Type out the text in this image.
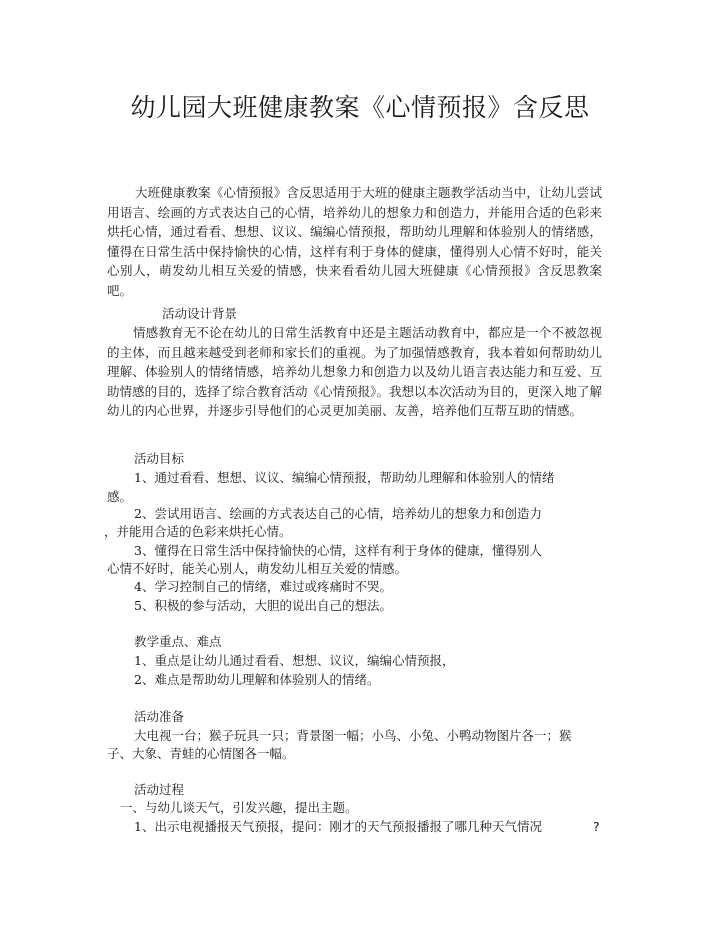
幼儿园大班健康教案《心情预报》含反思

大班健康教案《心情预报》含反思适用于大班的健康主题教学活动当中，让幼儿尝试用语言、绘画的方式表达自己的心情，培养幼儿的想象力和创造力，并能用合适的色彩来烘托心情，通过看看、想想、议议、编编心情预报，帮助幼儿理解和体验别人的情绪感，懂得在日常生活中保持愉快的心情，这样有利于身体的健康，懂得别人心情不好时，能关心别人，萌发幼儿相互关爱的情感，快来看看幼儿园大班健康《心情预报》含反思教案吧。

活动设计背景

情感教育无不论在幼儿的日常生活教育中还是主题活动教育中，都应是一个不被忽视的主体，而且越来越受到老师和家长们的重视。为了加强情感教育，我本着如何帮助幼儿理解、体验别人的情绪情感，培养幼儿想象力和创造力以及幼儿语言表达能力和互爱、互助情感的目的，选择了综合教育活动《心情预报》。我想以本次活动为目的，更深入地了解幼儿的内心世界，并逐步引导他们的心灵更加美丽、友善，培养他们互帮互助的情感。

活动目标
1、通过看看、想想、议议、编编心情预报，帮助幼儿理解和体验别人的情绪
感。
2、尝试用语言、绘画的方式表达自己的心情，培养幼儿的想象力和创造力
，并能用合适的色彩来烘托心情。
3、懂得在日常生活中保持愉快的心情，这样有利于身体的健康，懂得别人
心情不好时，能关心别人，萌发幼儿相互关爱的情感。
4、学习控制自己的情绪，难过或疼痛时不哭。
5、积极的参与活动，大胆的说出自己的想法。
教学重点、难点
1、重点是让幼儿通过看看、想想、议议，编编心情预报，
2、难点是帮助幼儿理解和体验别人的情绪。
活动准备
大电视一台；猴子玩具一只；背景图一幅；小鸟、小兔、小鸭动物图片各一；猴
子、大象、青蛙的心情图各一幅。
活动过程
一、与幼儿谈天气，引发兴趣，提出主题。
1、出示电视播报天气预报，提问：刚才的天气预报播报了哪几种天气情况	?
